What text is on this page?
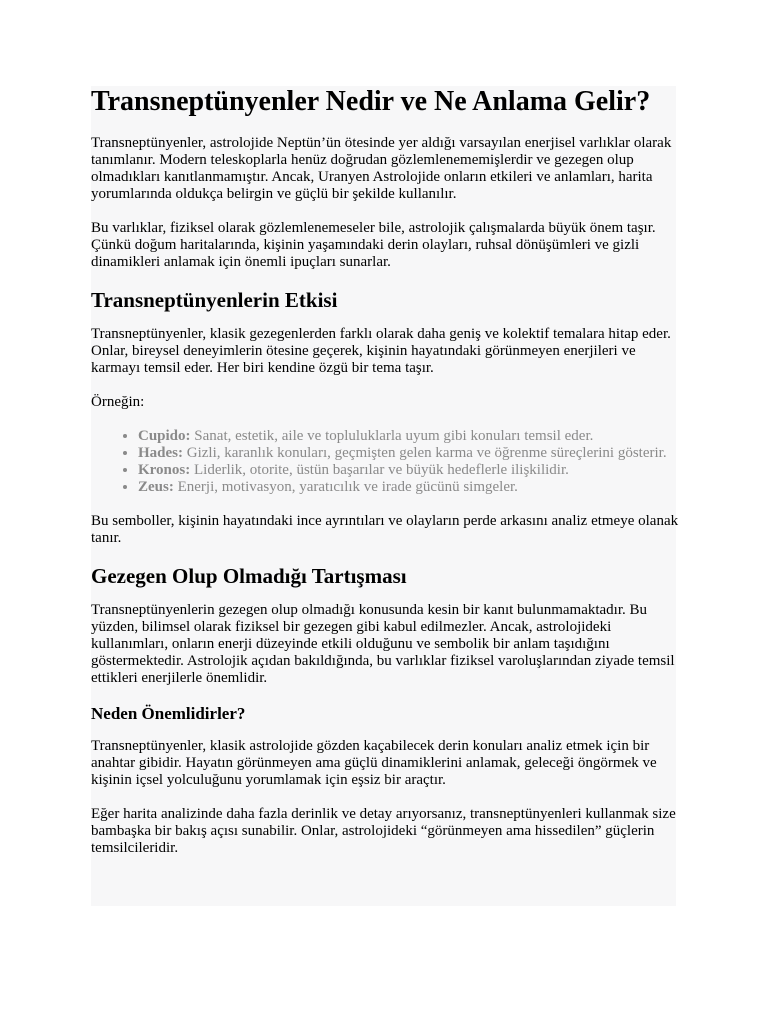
Transneptünyenler Nedir ve Ne Anlama Gelir?

Transneptünyenler, astrolojide Neptün’ün ötesinde yer aldığı varsayılan enerjisel varlıklar olarak tanımlanır. Modern teleskoplarla henüz doğrudan gözlemlenememişlerdir ve gezegen olup olmadıkları kanıtlanmamıştır. Ancak, Uranyen Astrolojide onların etkileri ve anlamları, harita yorumlarında oldukça belirgin ve güçlü bir şekilde kullanılır.

Bu varlıklar, fiziksel olarak gözlemlenemeseler bile, astrolojik çalışmalarda büyük önem taşır. Çünkü doğum haritalarında, kişinin yaşamındaki derin olayları, ruhsal dönüşümleri ve gizli dinamikleri anlamak için önemli ipuçları sunarlar.

Transneptünyenlerin Etkisi

Transneptünyenler, klasik gezegenlerden farklı olarak daha geniş ve kolektif temalara hitap eder. Onlar, bireysel deneyimlerin ötesine geçerek, kişinin hayatındaki görünmeyen enerjileri ve karmayı temsil eder. Her biri kendine özgü bir tema taşır.

Örneğin:

• Cupido: Sanat, estetik, aile ve topluluklarla uyum gibi konuları temsil eder.
• Hades: Gizli, karanlık konuları, geçmişten gelen karma ve öğrenme süreçlerini gösterir.
• Kronos: Liderlik, otorite, üstün başarılar ve büyük hedeflerle ilişkilidir.
• Zeus: Enerji, motivasyon, yaratıcılık ve irade gücünü simgeler.

Bu semboller, kişinin hayatındaki ince ayrıntıları ve olayların perde arkasını analiz etmeye olanak tanır.

Gezegen Olup Olmadığı Tartışması

Transneptünyenlerin gezegen olup olmadığı konusunda kesin bir kanıt bulunmamaktadır. Bu yüzden, bilimsel olarak fiziksel bir gezegen gibi kabul edilmezler. Ancak, astrolojideki kullanımları, onların enerji düzeyinde etkili olduğunu ve sembolik bir anlam taşıdığını göstermektedir. Astrolojik açıdan bakıldığında, bu varlıklar fiziksel varoluşlarından ziyade temsil ettikleri enerjilerle önemlidir.

Neden Önemlidirler?

Transneptünyenler, klasik astrolojide gözden kaçabilecek derin konuları analiz etmek için bir anahtar gibidir. Hayatın görünmeyen ama güçlü dinamiklerini anlamak, geleceği öngörmek ve kişinin içsel yolculuğunu yorumlamak için eşsiz bir araçtır.

Eğer harita analizinde daha fazla derinlik ve detay arıyorsanız, transneptünyenleri kullanmak size bambaşka bir bakış açısı sunabilir. Onlar, astrolojideki “görünmeyen ama hissedilen” güçlerin temsilcileridir.
